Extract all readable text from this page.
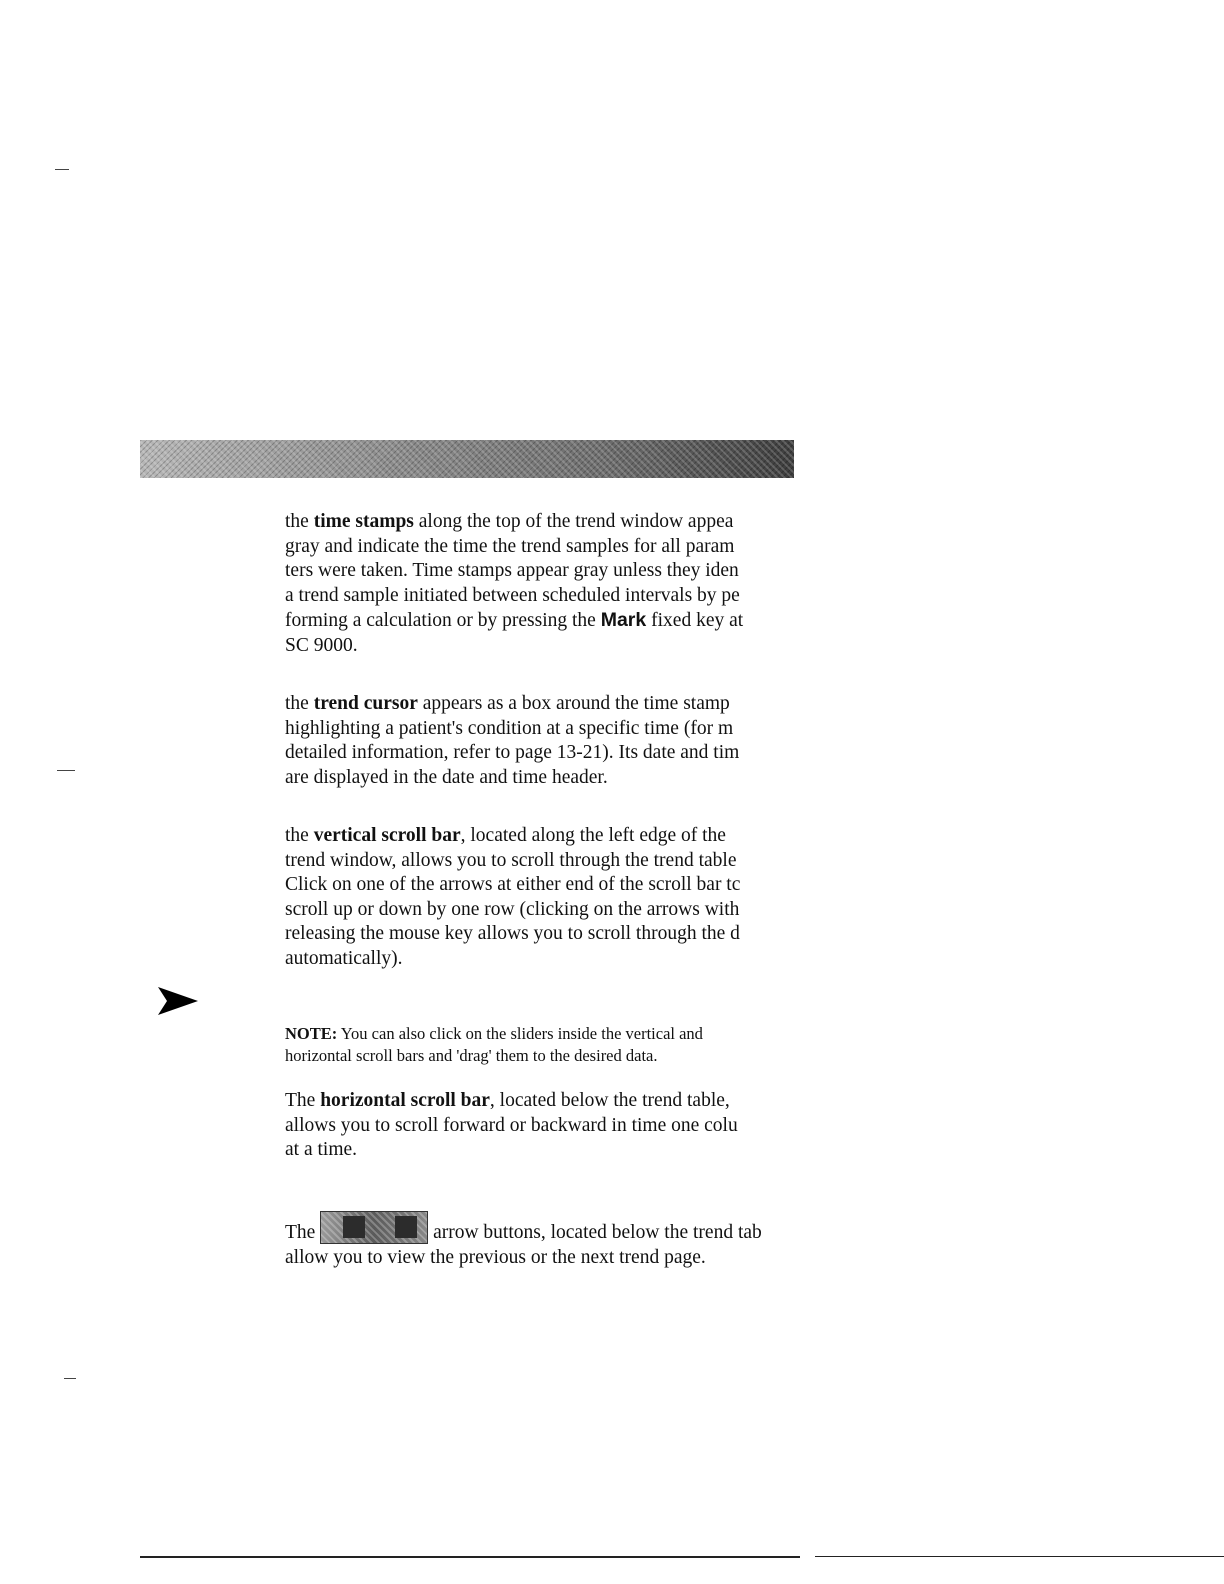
the time stamps along the top of the trend window appea
gray and indicate the time the trend samples for all param
ters were taken. Time stamps appear gray unless they iden
a trend sample initiated between scheduled intervals by pe
forming a calculation or by pressing the Mark fixed key at
SC 9000.
the trend cursor appears as a box around the time stamp
highlighting a patient's condition at a specific time (for m
detailed information, refer to page 13-21). Its date and tim
are displayed in the date and time header.
the vertical scroll bar, located along the left edge of the
trend window, allows you to scroll through the trend table
Click on one of the arrows at either end of the scroll bar tc
scroll up or down by one row (clicking on the arrows with
releasing the mouse key allows you to scroll through the d
automatically).

NOTE: You can also click on the sliders inside the vertical and
horizontal scroll bars and 'drag' them to the desired data.

The horizontal scroll bar, located below the trend table,
allows you to scroll forward or backward in time one colu
at a time.

The	arrow buttons, located below the trend tab
allow you to view the previous or the next trend page.
